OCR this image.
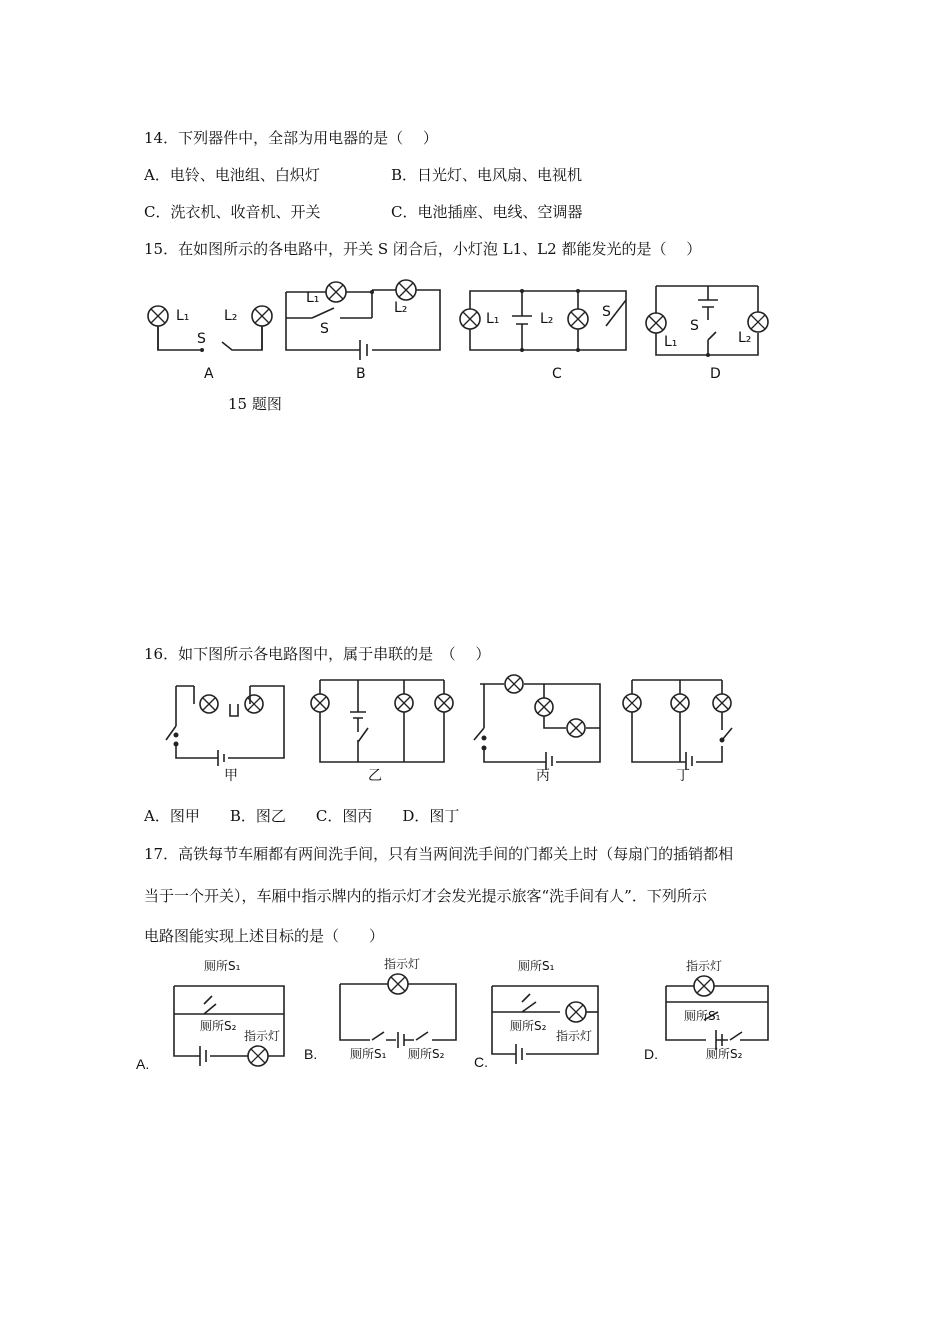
14．下列器件中，全部为用电器的是（　 ）
A．电铃、电池组、白炽灯	B．日光灯、电风扇、电视机
C．洗衣机、收音机、开关	C．电池插座、电线、空调器
15．在如图所示的各电路中，开关 S 闭合后，小灯泡 L1、L2 都能发光的是（　 ）
L₁ L₂
S
A
L₁
L₂
S
B
L₁	L₂	S
C
L₁	L₂
S
D
15 题图
16．如下图所示各电路图中，属于串联的是　（　 ）
甲	乙	丙	丁
A．图甲　　B．图乙　　C．图丙　　D．图丁
17．高铁每节车厢都有两间洗手间，只有当两间洗手间的门都关上时（每扇门的插销都相
当于一个开关），车厢中指示牌内的指示灯才会发光提示旅客“洗手间有人”．下列所示
电路图能实现上述目标的是（　　）
厕所S₁
厕所S₂
指示灯
指示灯
厕所S₁ 厕所S₂
厕所S₁
厕所S₂
指示灯
指示灯
厕所S₁
厕所S₂
A.
B.	C.	D.
